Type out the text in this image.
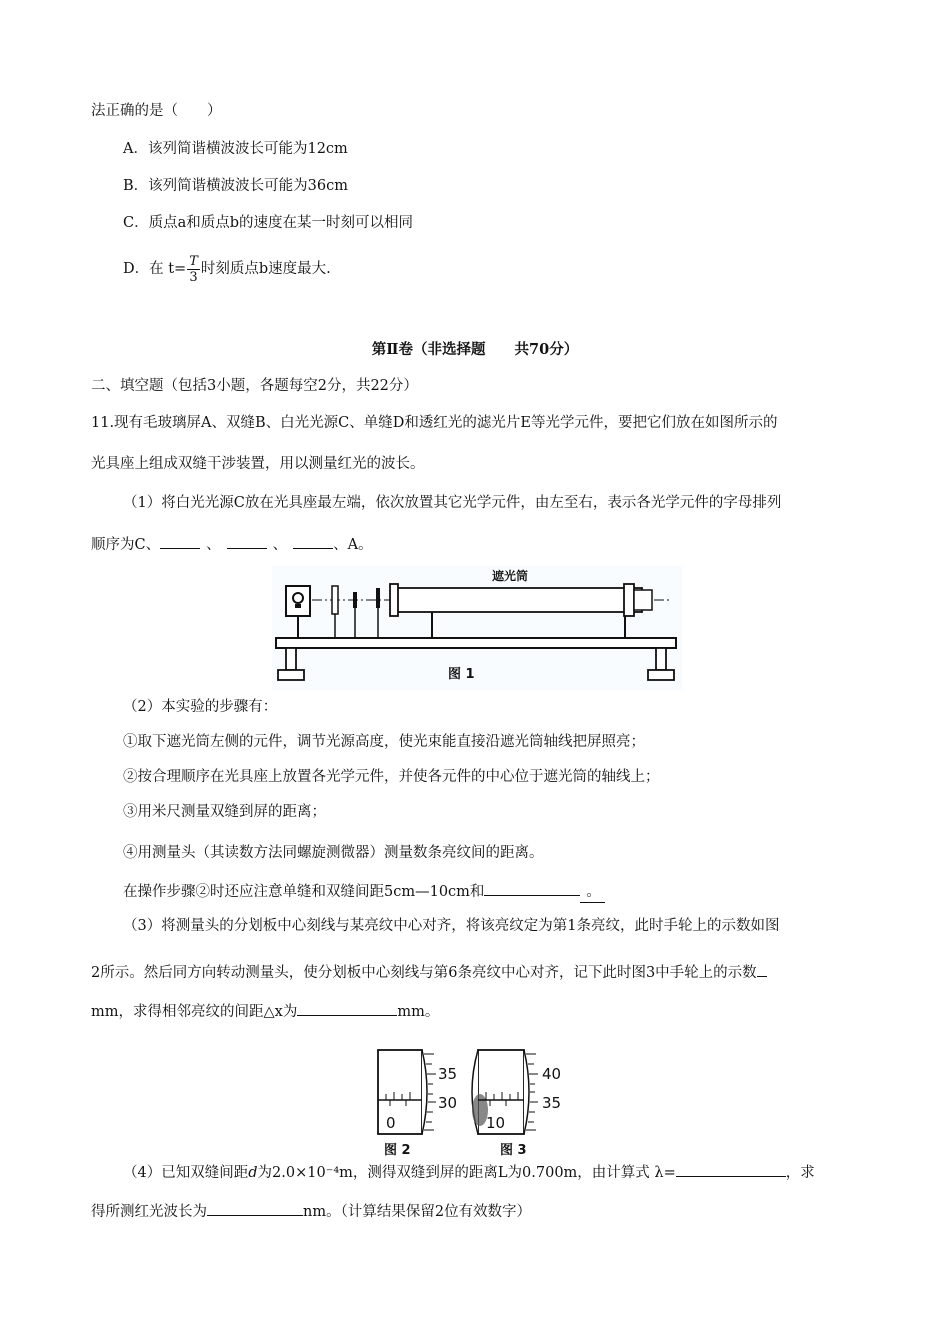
法正确的是（　　）
A．该列简谐横波波长可能为12cm
B．该列简谐横波波长可能为36cm
C．质点a和质点b的速度在某一时刻可以相同
D．在 $t= \frac{T}{3}$ 时刻质点b速度最大.
第Ⅱ卷（非选择题　　共70分）
二、填空题（包括3小题，各题每空2分，共22分）
11.现有毛玻璃屏A、双缝B、白光光源C、单缝D和透红光的滤光片E等光学元件，要把它们放在如图所示的
光具座上组成双缝干涉装置，用以测量红光的波长。
（1）将白光光源C放在光具座最左端，依次放置其它光学元件，由左至右，表示各光学元件的字母排列
顺序为C、	、	、	、A。
遮光筒
图 1
（2）本实验的步骤有：
①取下遮光筒左侧的元件，调节光源高度，使光束能直接沿遮光筒轴线把屏照亮；
②按合理顺序在光具座上放置各光学元件，并使各元件的中心位于遮光筒的轴线上；
③用米尺测量双缝到屏的距离；
④用测量头（其读数方法同螺旋测微器）测量数条亮纹间的距离。
在操作步骤②时还应注意单缝和双缝间距5cm—10cm和	。
（3）将测量头的分划板中心刻线与某亮纹中心对齐，将该亮纹定为第1条亮纹，此时手轮上的示数如图
2所示。然后同方向转动测量头，使分划板中心刻线与第6条亮纹中心对齐，记下此时图3中手轮上的示数
mm，求得相邻亮纹的间距△x为	mm。
35
30
0
图 2
40
35
10
图 3
（4）已知双缝间距d为2.0×10⁻⁴m，测得双缝到屏的距离L为0.700m，由计算式 λ=	，求
得所测红光波长为	nm。（计算结果保留2位有效数字）
